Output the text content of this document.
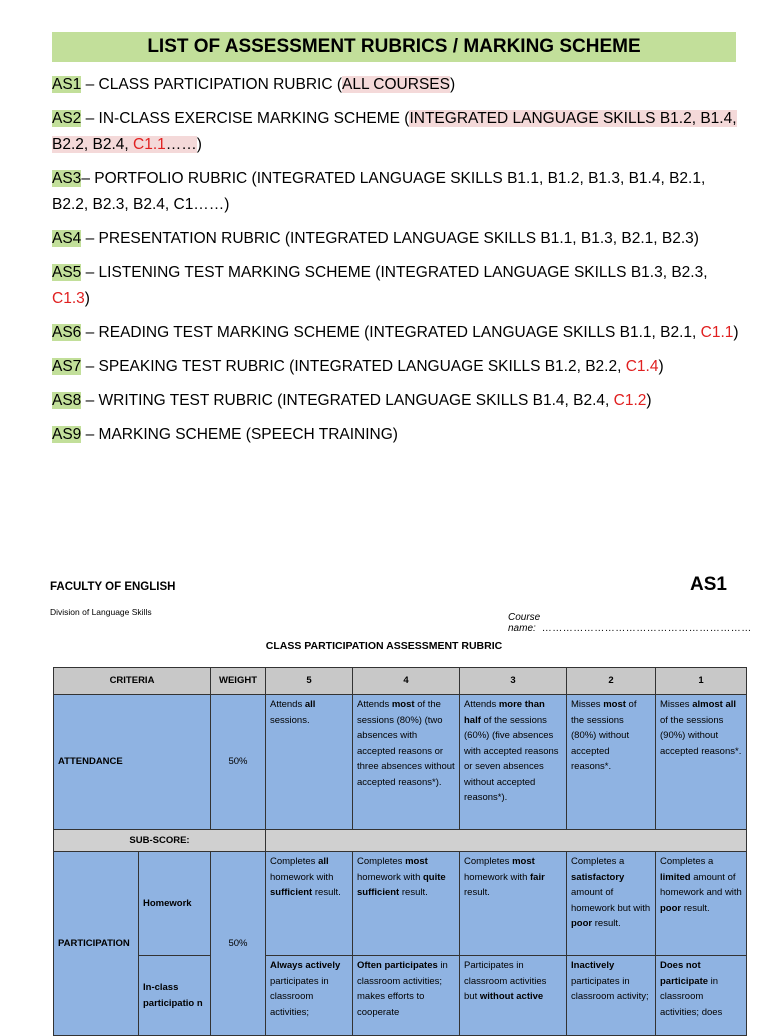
LIST OF ASSESSMENT RUBRICS / MARKING SCHEME
AS1 – CLASS PARTICIPATION RUBRIC (ALL COURSES)
AS2 – IN-CLASS EXERCISE MARKING SCHEME (INTEGRATED LANGUAGE SKILLS B1.2, B1.4, B2.2, B2.4, C1.1……)
AS3– PORTFOLIO RUBRIC (INTEGRATED LANGUAGE SKILLS B1.1, B1.2, B1.3, B1.4, B2.1, B2.2, B2.3, B2.4, C1……)
AS4 – PRESENTATION RUBRIC (INTEGRATED LANGUAGE SKILLS B1.1, B1.3, B2.1, B2.3)
AS5 – LISTENING TEST MARKING SCHEME (INTEGRATED LANGUAGE SKILLS B1.3, B2.3, C1.3)
AS6 – READING TEST MARKING SCHEME (INTEGRATED LANGUAGE SKILLS B1.1, B2.1, C1.1)
AS7 – SPEAKING TEST RUBRIC (INTEGRATED LANGUAGE SKILLS B1.2, B2.2, C1.4)
AS8 – WRITING TEST RUBRIC (INTEGRATED LANGUAGE SKILLS B1.4, B2.4, C1.2)
AS9 – MARKING SCHEME (SPEECH TRAINING)
FACULTY OF ENGLISH	AS1
Division of Language Skills	Course name: ……………………………………………………
CLASS PARTICIPATION ASSESSMENT RUBRIC
CRITERIA		WEIGHT	5	4	3	2	1
ATTENDANCE		50%	Attends all sessions.	Attends most of the sessions (80%) (two absences with accepted reasons or three absences without accepted reasons*).	Attends more than half of the sessions (60%) (five absences with accepted reasons or seven absences without accepted reasons*).	Misses most of the sessions (80%) without accepted reasons*.	Misses almost all of the sessions (90%) without accepted reasons*.
SUB-SCORE:							
PARTICIPATION	Homework	50%	Completes all homework with sufficient result.	Completes most homework with quite sufficient result.	Completes most homework with fair result.	Completes a satisfactory amount of homework but with poor result.	Completes a limited amount of homework and with poor result.
	In-class participatio n		Always actively participates in classroom activities;	Often participates in classroom activities; makes efforts to cooperate	Participates in classroom activities but without active	Inactively participates in classroom activity;	Does not participate in classroom activities; does
